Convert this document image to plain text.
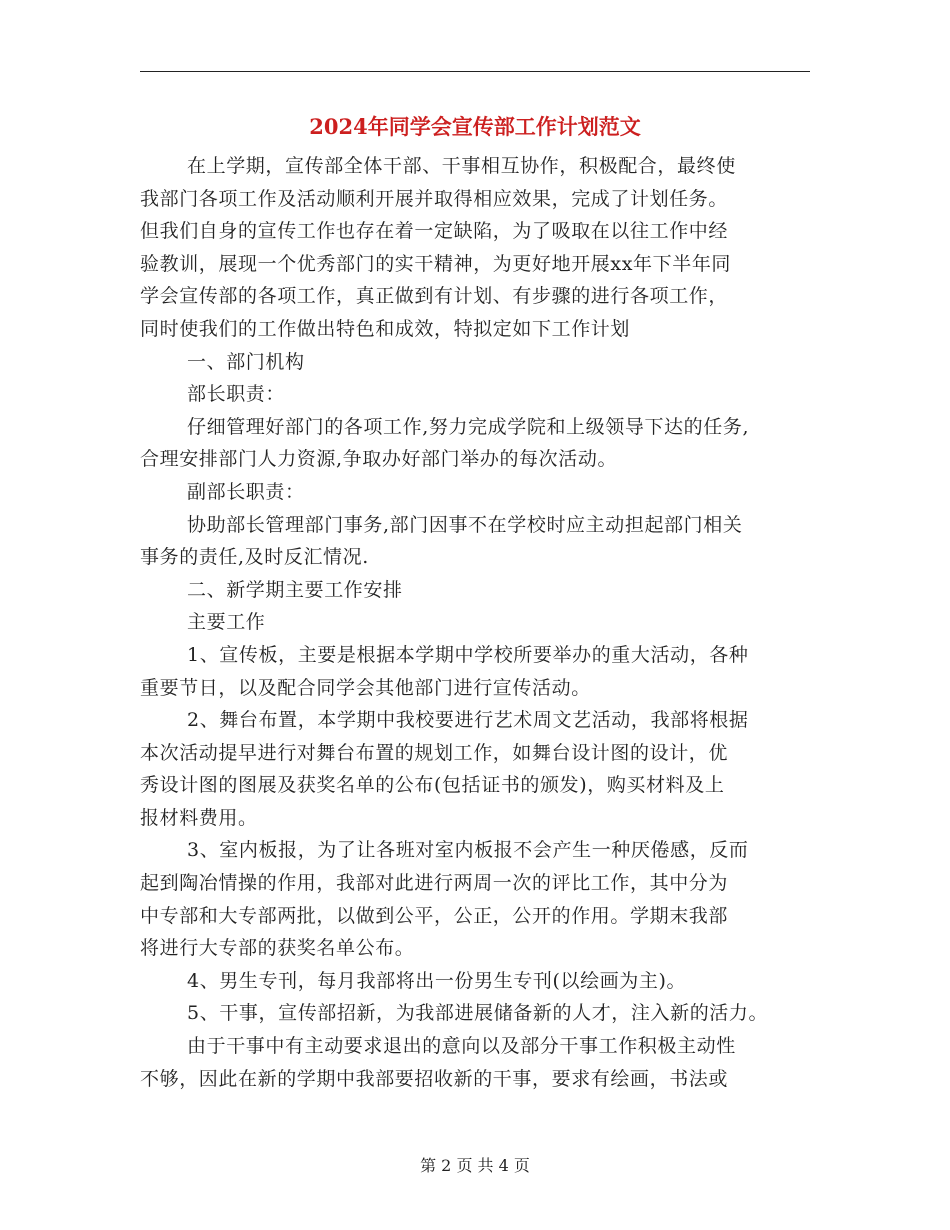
2024年同学会宣传部工作计划范文
在上学期，宣传部全体干部、干事相互协作，积极配合，最终使
我部门各项工作及活动顺利开展并取得相应效果，完成了计划任务。
但我们自身的宣传工作也存在着一定缺陷，为了吸取在以往工作中经
验教训，展现一个优秀部门的实干精神，为更好地开展xx年下半年同
学会宣传部的各项工作，真正做到有计划、有步骤的进行各项工作，
同时使我们的工作做出特色和成效，特拟定如下工作计划
一、部门机构
部长职责：
仔细管理好部门的各项工作,努力完成学院和上级领导下达的任务,
合理安排部门人力资源,争取办好部门举办的每次活动。
副部长职责：
协助部长管理部门事务,部门因事不在学校时应主动担起部门相关
事务的责任,及时反汇情况.
二、新学期主要工作安排
主要工作
1、宣传板，主要是根据本学期中学校所要举办的重大活动，各种
重要节日，以及配合同学会其他部门进行宣传活动。
2、舞台布置，本学期中我校要进行艺术周文艺活动，我部将根据
本次活动提早进行对舞台布置的规划工作，如舞台设计图的设计，优
秀设计图的图展及获奖名单的公布(包括证书的颁发)，购买材料及上
报材料费用。
3、室内板报，为了让各班对室内板报不会产生一种厌倦感，反而
起到陶冶情操的作用，我部对此进行两周一次的评比工作，其中分为
中专部和大专部两批，以做到公平，公正，公开的作用。学期末我部
将进行大专部的获奖名单公布。
4、男生专刊，每月我部将出一份男生专刊(以绘画为主)。
5、干事，宣传部招新，为我部进展储备新的人才，注入新的活力。
由于干事中有主动要求退出的意向以及部分干事工作积极主动性
不够，因此在新的学期中我部要招收新的干事，要求有绘画，书法或
第 2 页 共 4 页
